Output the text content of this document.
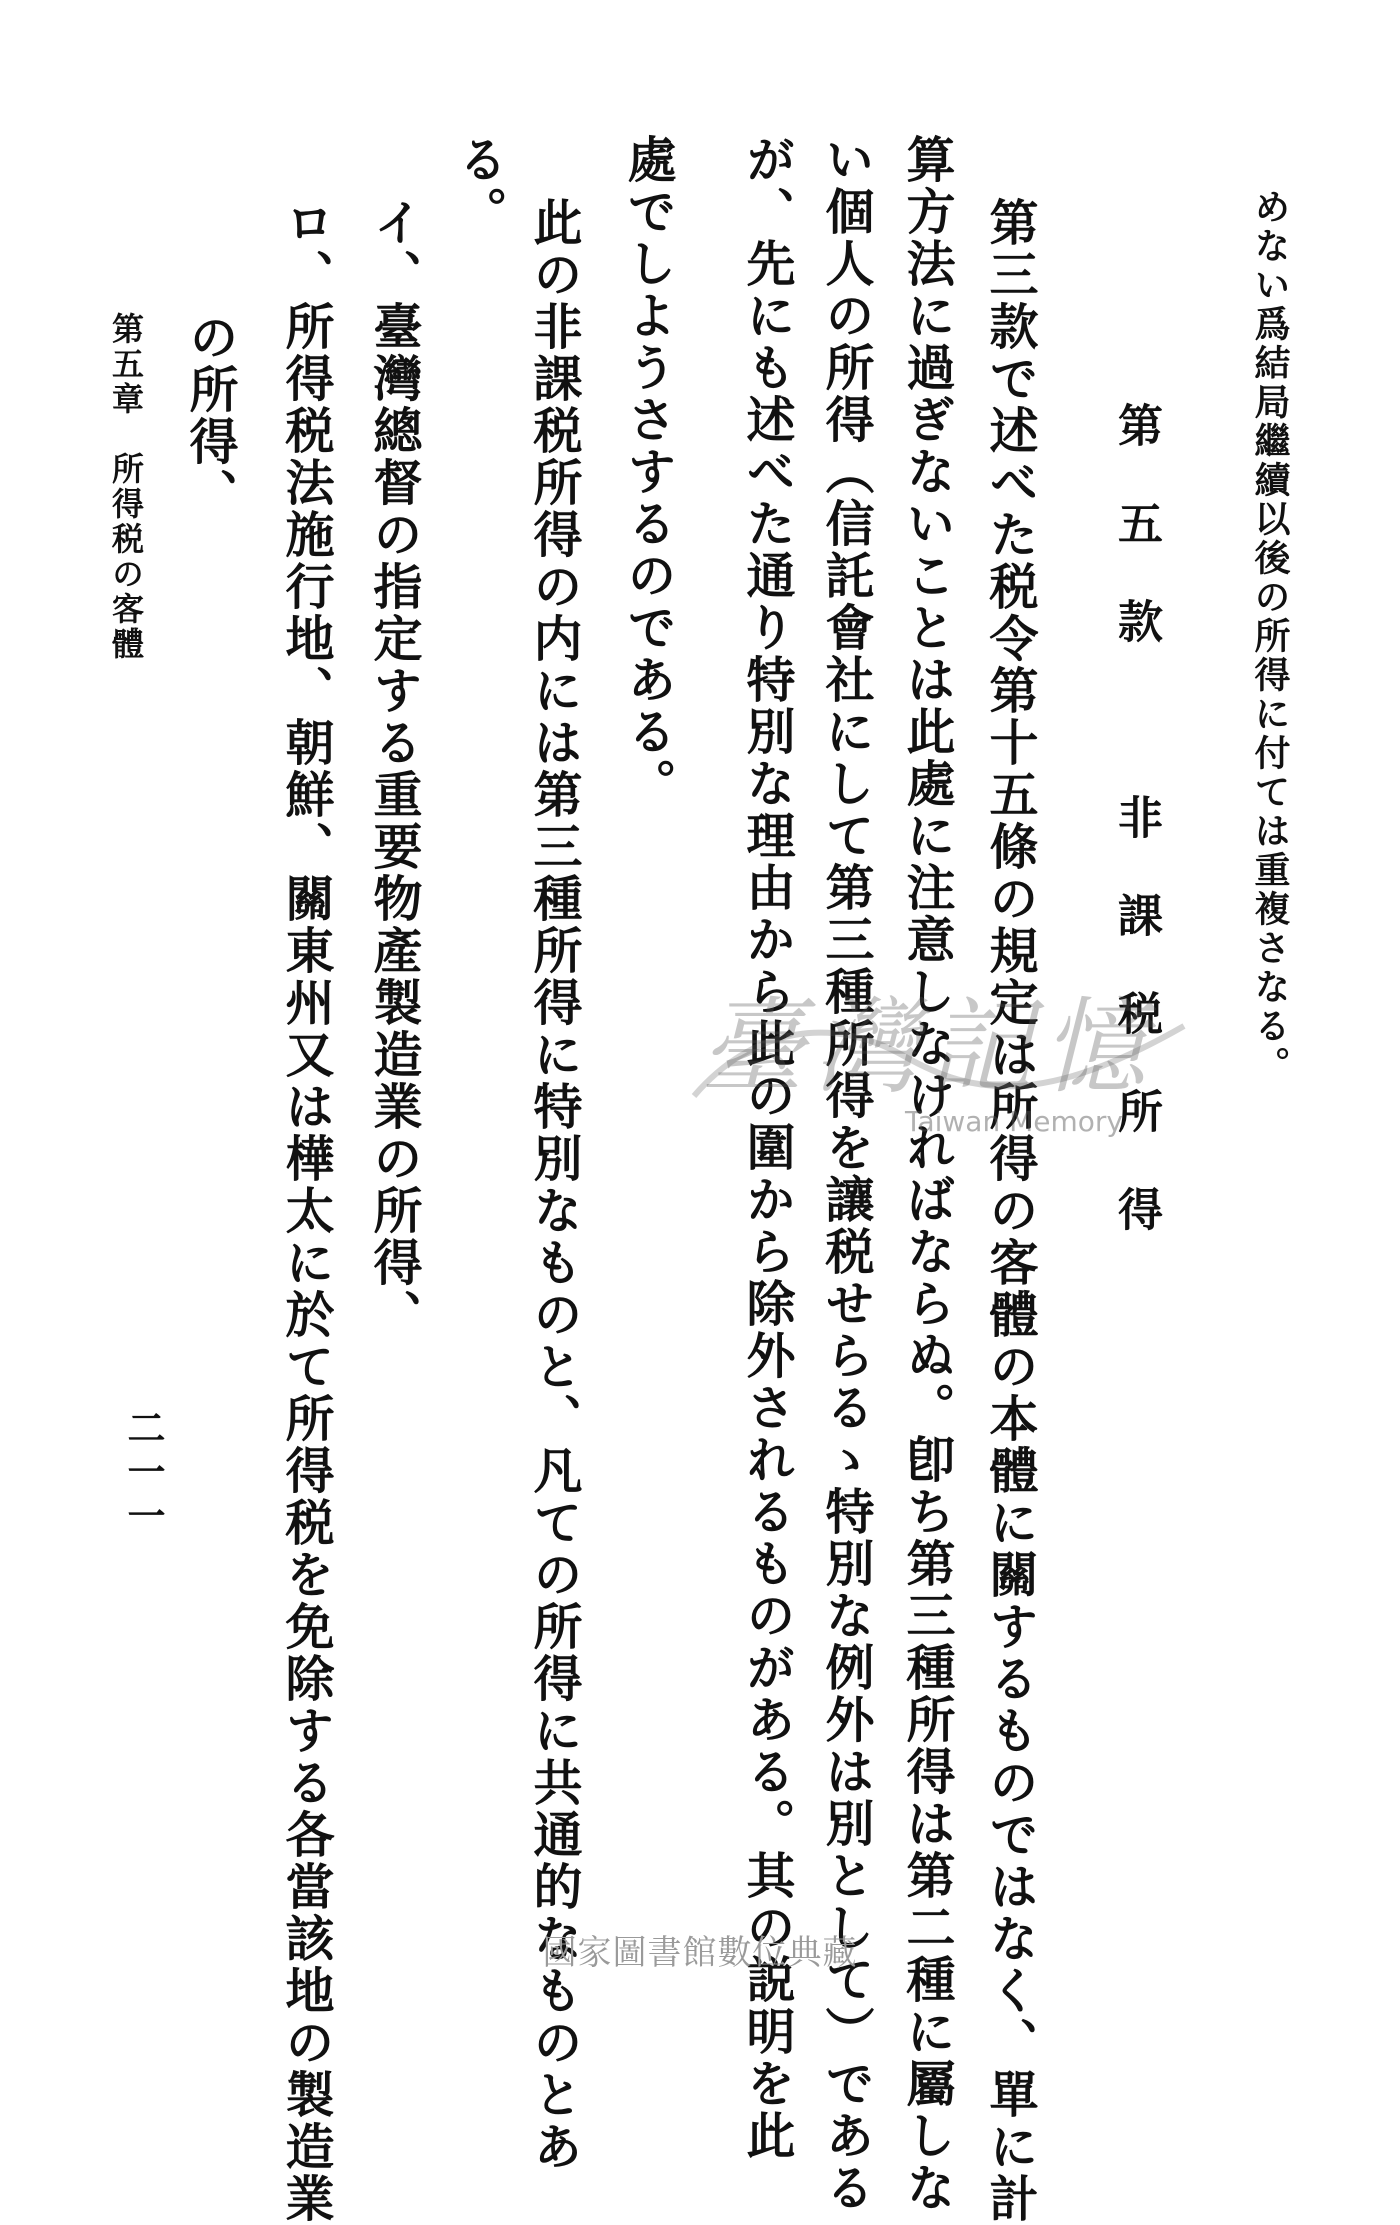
めない爲結局繼續以後の所得に付ては重複さなる。
第五款　非課税所得
第三款で述べた税令第十五條の規定は所得の客體の本體に關するものではなく、單に計
算方法に過ぎないことは此處に注意しなければならぬ。卽ち第三種所得は第二種に屬しな
い個人の所得（信託會社にして第三種所得を讓税せらるゝ特別な例外は別として）である
が、先にも述べた通り特別な理由から此の圍から除外されるものがある。其の説明を此
處でしようさするのである。
此の非課税所得の内には第三種所得に特別なものと、凡ての所得に共通的なものとあ
る。
イ、臺灣總督の指定する重要物產製造業の所得、
ロ、所得税法施行地、朝鮮、關東州又は樺太に於て所得税を免除する各當該地の製造業
の所得、
第五章　所得税の客體
二一一
臺灣記憶
Taiwan Memory
國家圖書館數位典藏
